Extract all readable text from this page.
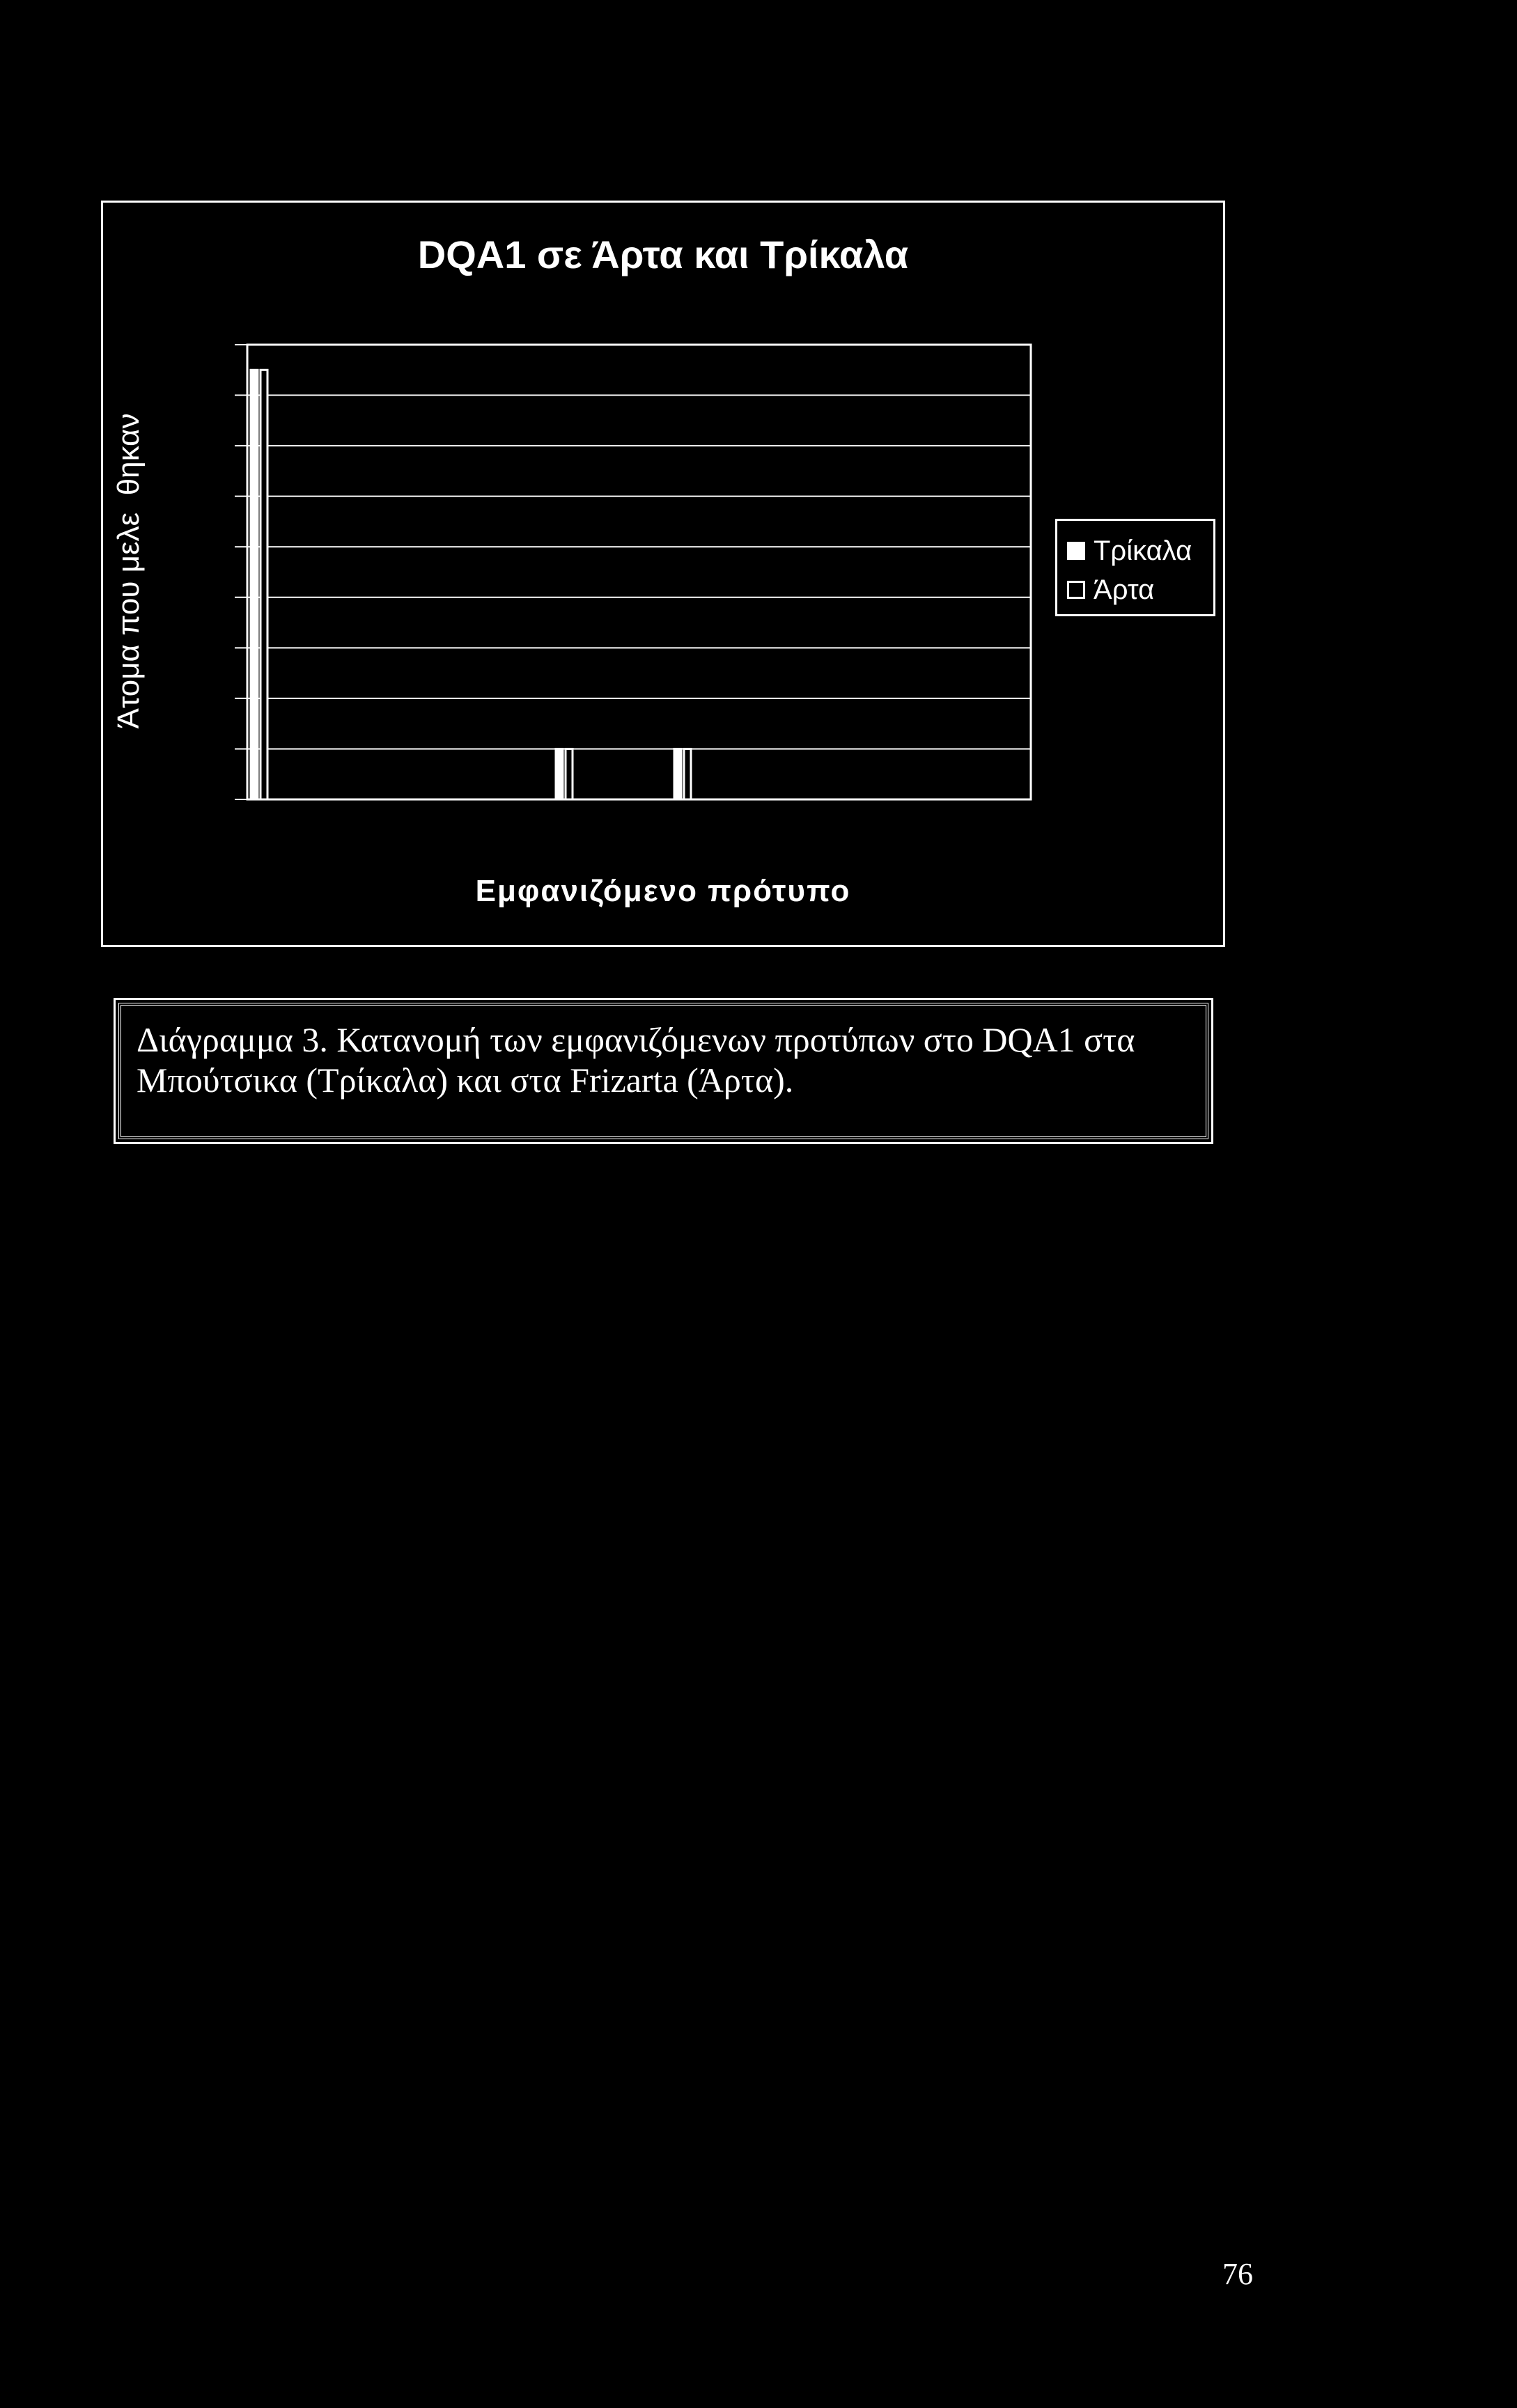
DQA1 σε Άρτα και Τρίκαλα
Άτομα που μελε  θηκαν	Τρίκαλα
Άρτα
Εμφανιζόμενο πρότυπο
Διάγραμμα 3. Κατανομή των εμφανιζόμενων προτύπων στο DQA1 στα
Μπούτσικα (Τρίκαλα) και στα Frizarta (Άρτα).
76
